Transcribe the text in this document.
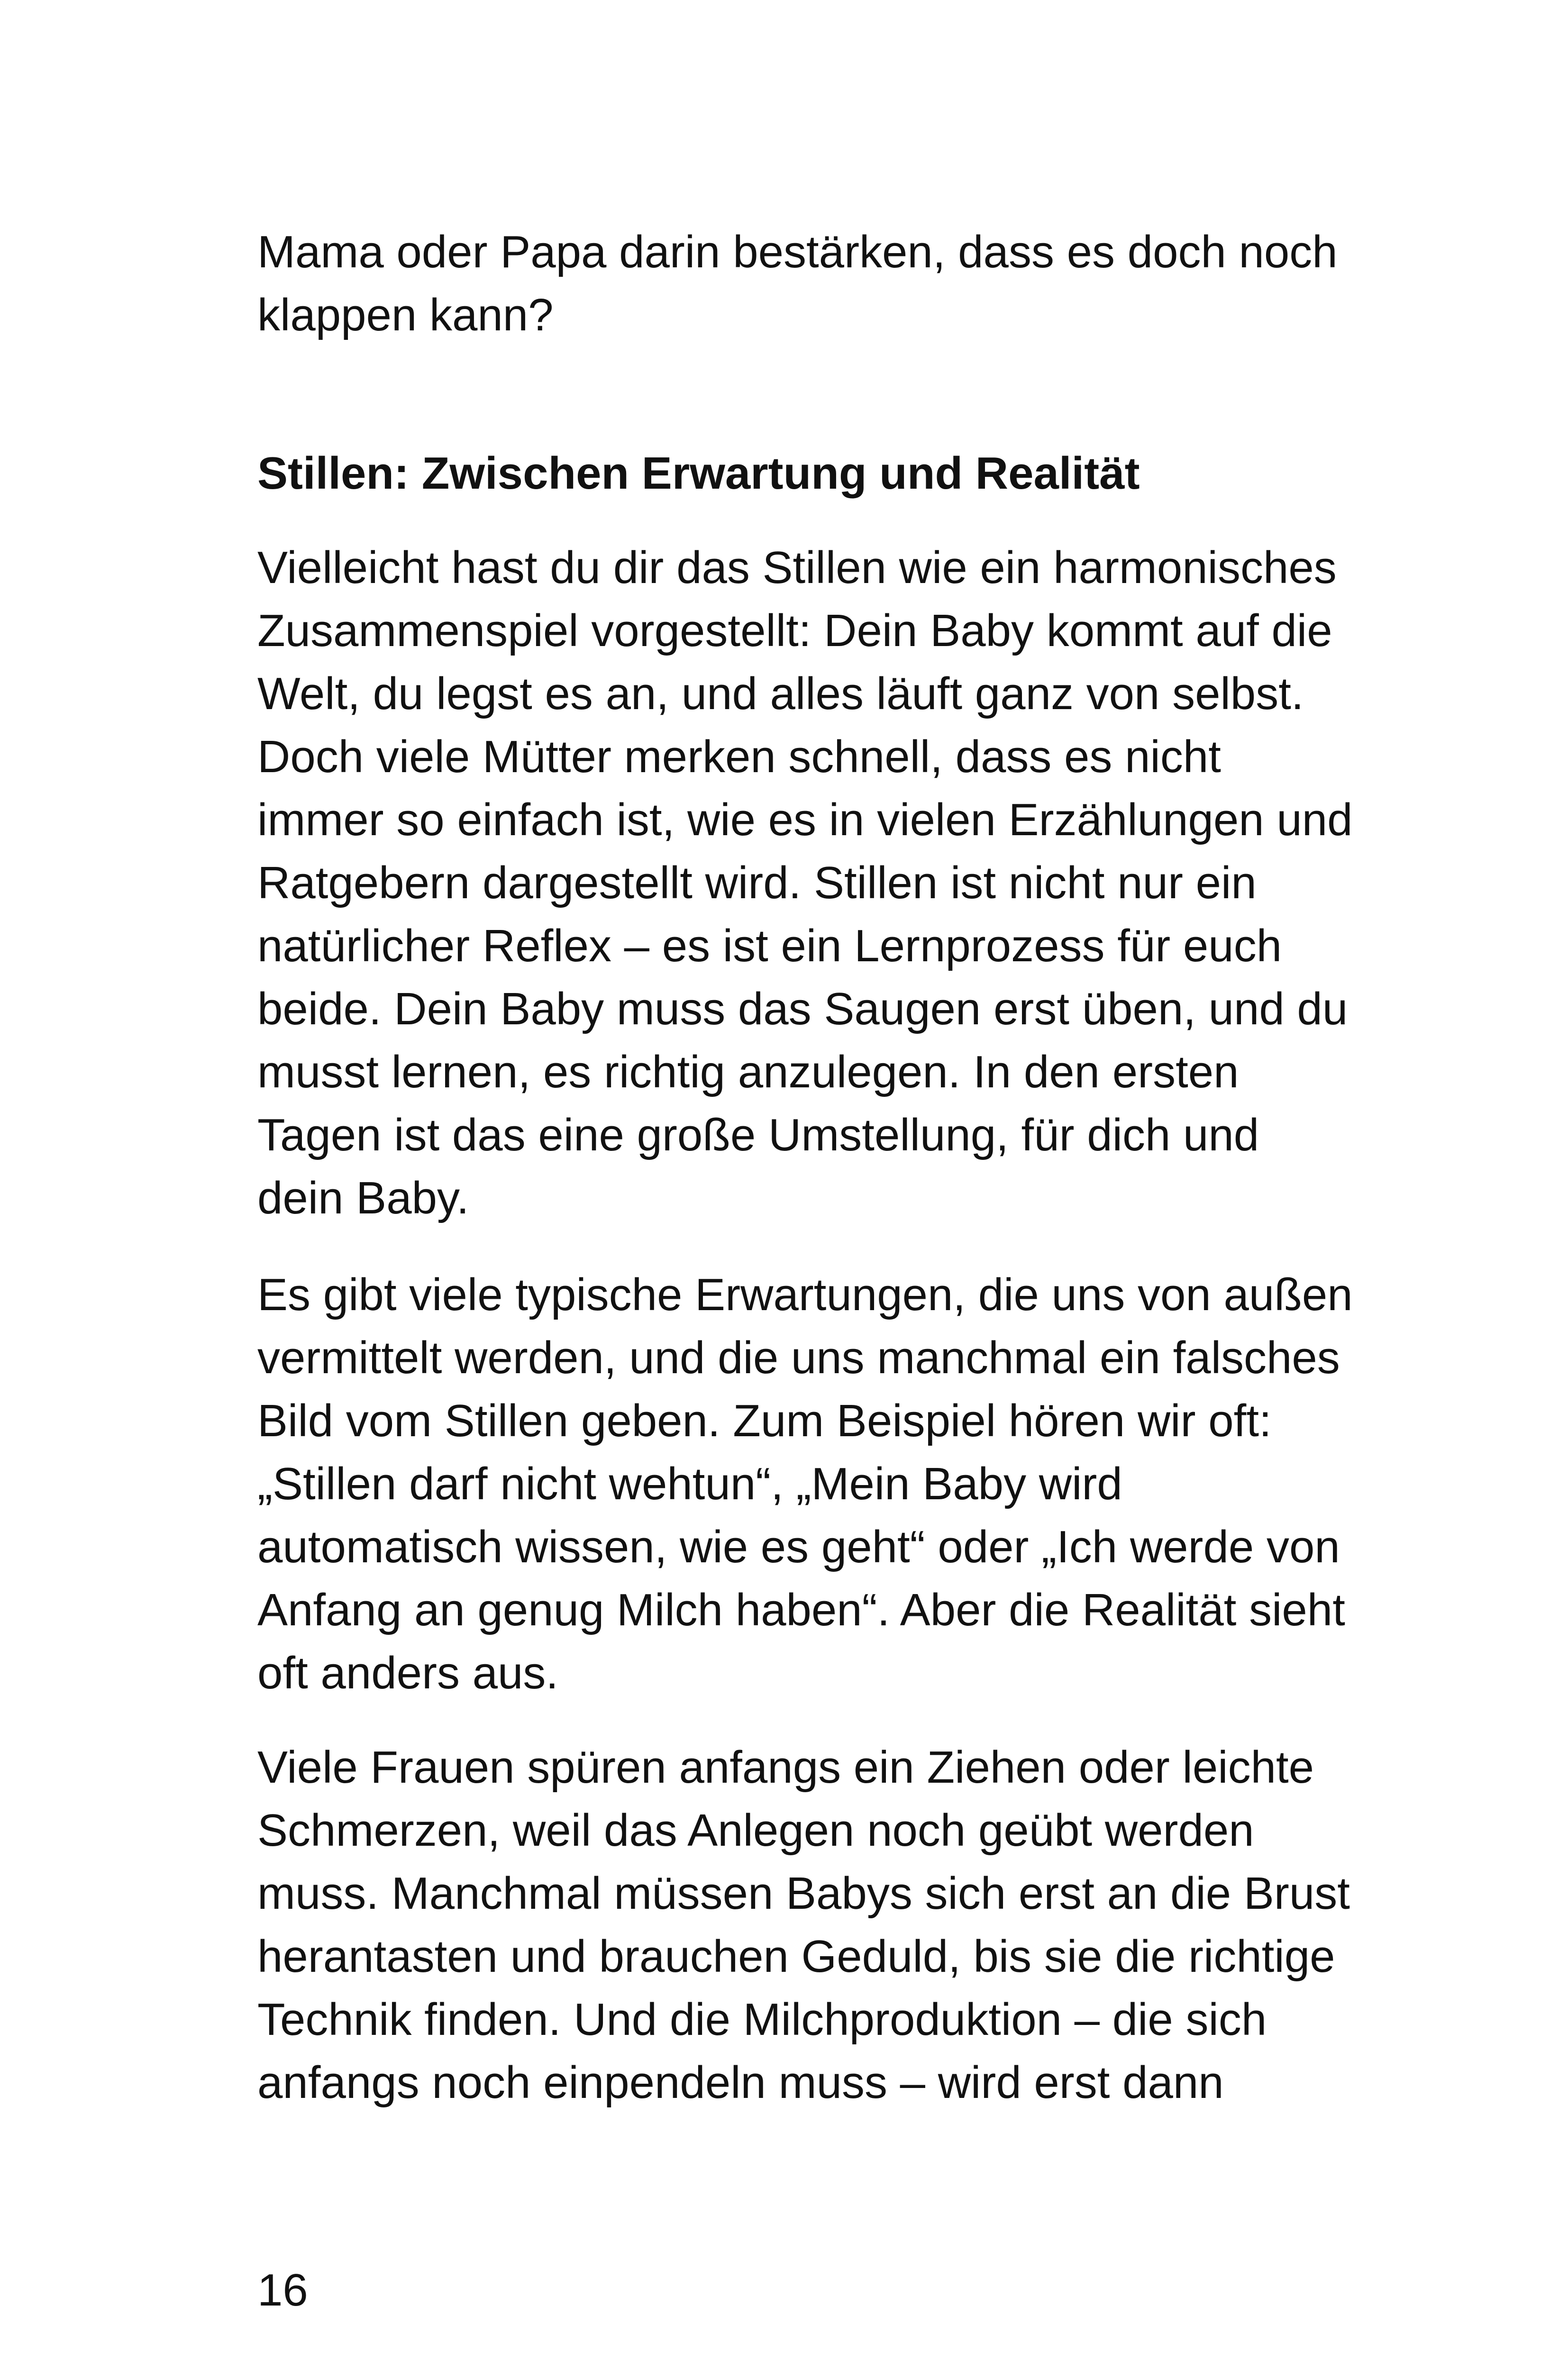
Mama oder Papa darin bestärken, dass es doch noch
klappen kann?

Stillen: Zwischen Erwartung und Realität

Vielleicht hast du dir das Stillen wie ein harmonisches
Zusammenspiel vorgestellt: Dein Baby kommt auf die
Welt, du legst es an, und alles läuft ganz von selbst.
Doch viele Mütter merken schnell, dass es nicht
immer so einfach ist, wie es in vielen Erzählungen und
Ratgebern dargestellt wird. Stillen ist nicht nur ein
natürlicher Reflex – es ist ein Lernprozess für euch
beide. Dein Baby muss das Saugen erst üben, und du
musst lernen, es richtig anzulegen. In den ersten
Tagen ist das eine große Umstellung, für dich und
dein Baby.

Es gibt viele typische Erwartungen, die uns von außen
vermittelt werden, und die uns manchmal ein falsches
Bild vom Stillen geben. Zum Beispiel hören wir oft:
„Stillen darf nicht wehtun“, „Mein Baby wird
automatisch wissen, wie es geht“ oder „Ich werde von
Anfang an genug Milch haben“. Aber die Realität sieht
oft anders aus.

Viele Frauen spüren anfangs ein Ziehen oder leichte
Schmerzen, weil das Anlegen noch geübt werden
muss. Manchmal müssen Babys sich erst an die Brust
herantasten und brauchen Geduld, bis sie die richtige
Technik finden. Und die Milchproduktion – die sich
anfangs noch einpendeln muss – wird erst dann

16
